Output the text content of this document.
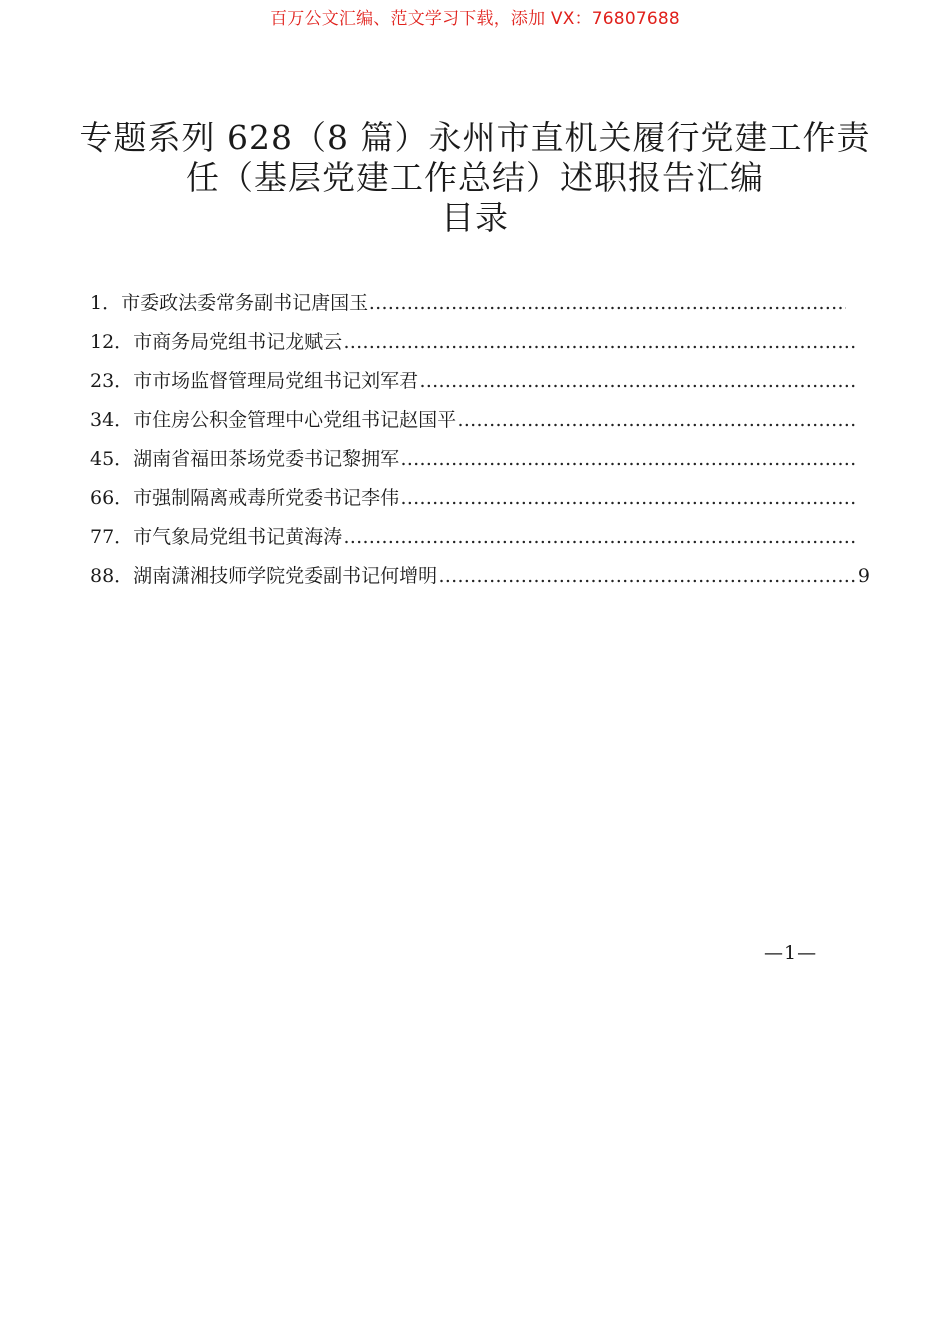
百万公文汇编、范文学习下载，添加 VX：76807688
专题系列 628（8 篇）永州市直机关履行党建工作责
任（基层党建工作总结）述职报告汇编
目录
……………………………………………………………………………………………………………………………………………………………………………………………………………
1．市委政法委常务副书记唐国玉
……………………………………………………………………………………………………………………………………………………………………………………………………………
12．市商务局党组书记龙赋云
……………………………………………………………………………………………………………………………………………………………………………………………………………
23．市市场监督管理局党组书记刘军君
……………………………………………………………………………………………………………………………………………………………………………………………………………
34．市住房公积金管理中心党组书记赵国平
……………………………………………………………………………………………………………………………………………………………………………………………………………
45．湖南省福田茶场党委书记黎拥军
……………………………………………………………………………………………………………………………………………………………………………………………………………
66．市强制隔离戒毒所党委书记李伟
……………………………………………………………………………………………………………………………………………………………………………………………………………
77．市气象局党组书记黄海涛
……………………………………………………………………………………………………………………………………………………………………………………………………………
88．湖南潇湘技师学院党委副书记何增明	9
—1—
